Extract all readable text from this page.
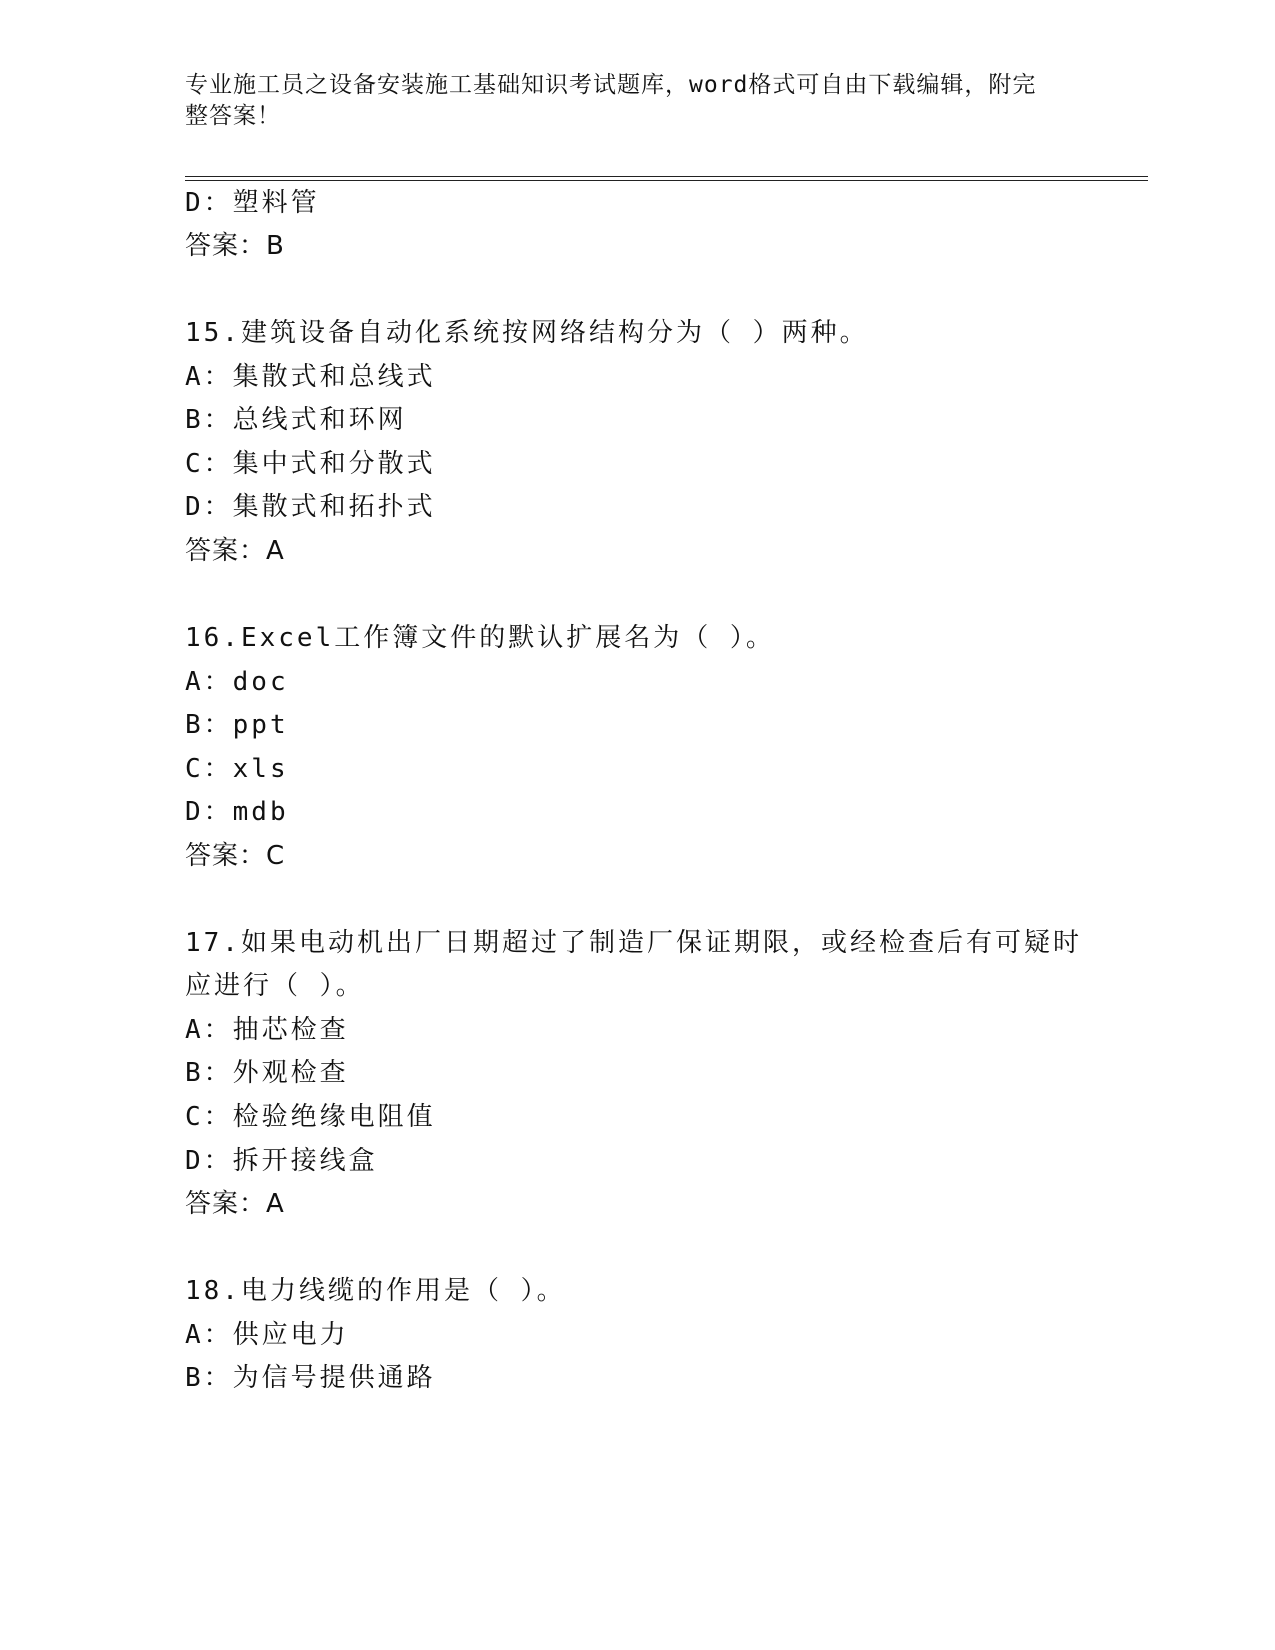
专业施工员之设备安装施工基础知识考试题库，word格式可自由下载编辑，附完
整答案！
D：塑料管
答案：B
15.建筑设备自动化系统按网络结构分为（ ）两种。
A：集散式和总线式
B：总线式和环网
C：集中式和分散式
D：集散式和拓扑式
答案：A
16.Excel工作簿文件的默认扩展名为（ ）。
A：doc
B：ppt
C：xls
D：mdb
答案：C
17.如果电动机出厂日期超过了制造厂保证期限，或经检查后有可疑时
应进行（ ）。
A：抽芯检查
B：外观检查
C：检验绝缘电阻值
D：拆开接线盒
答案：A
18.电力线缆的作用是（ ）。
A：供应电力
B：为信号提供通路
